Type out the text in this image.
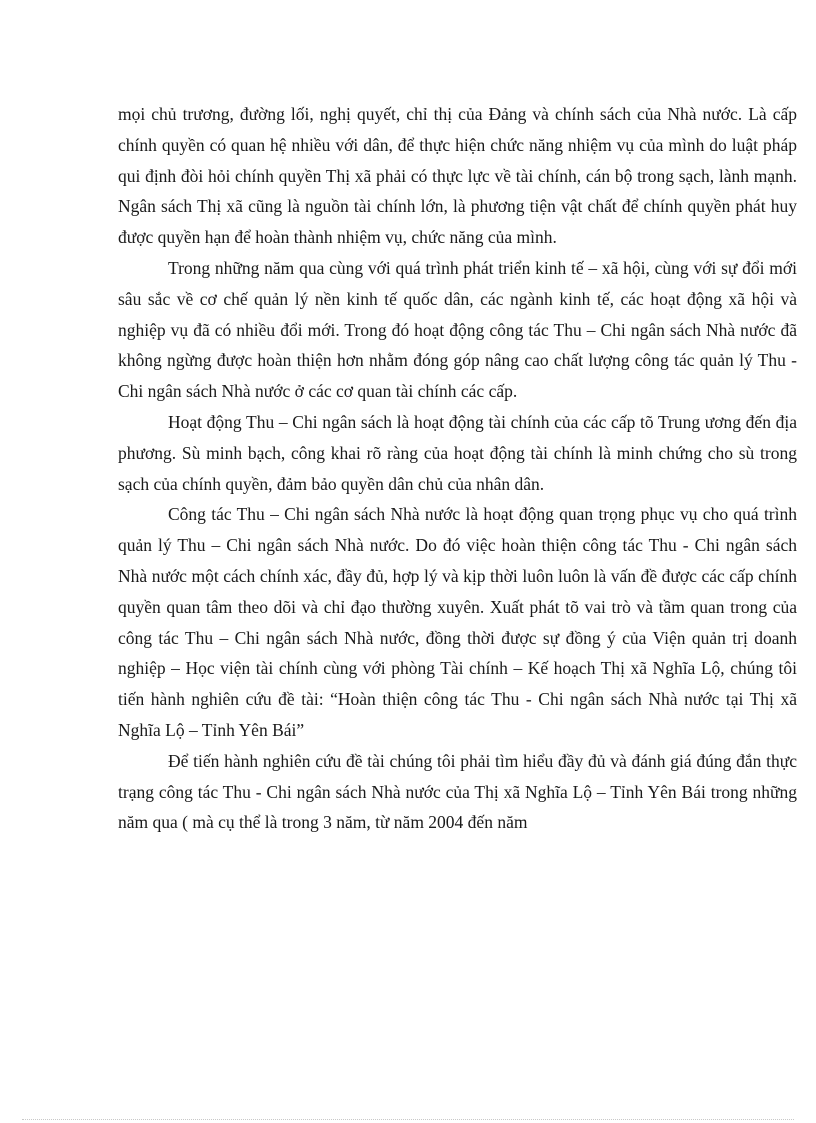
mọi chủ trương, đường lối, nghị quyết, chỉ thị của Đảng và chính sách của Nhà nước. Là cấp chính quyền có quan hệ nhiều với dân, để thực hiện chức năng nhiệm vụ của mình do luật pháp qui định đòi hỏi chính quyền Thị xã phải có thực lực về tài chính, cán bộ trong sạch, lành mạnh. Ngân sách Thị xã cũng là nguồn tài chính lớn, là phương tiện vật chất để chính quyền phát huy được quyền hạn để hoàn thành nhiệm vụ, chức năng của mình.

Trong những năm qua cùng với quá trình phát triển kinh tế – xã hội, cùng với sự đổi mới sâu sắc về cơ chế quản lý nền kinh tế quốc dân, các ngành kinh tế, các hoạt động xã hội và nghiệp vụ đã có nhiều đổi mới. Trong đó hoạt động công tác Thu – Chi ngân sách Nhà nước đã không ngừng được hoàn thiện hơn nhằm đóng góp nâng cao chất lượng công tác quản lý Thu - Chi ngân sách Nhà nước ở các cơ quan tài chính các cấp.

Hoạt động Thu – Chi ngân sách là hoạt động tài chính của các cấp tõ Trung ương đến địa phương. Sù minh bạch, công khai rõ ràng của hoạt động tài chính là minh chứng cho sù trong sạch của chính quyền, đảm bảo quyền dân chủ của nhân dân.

Công tác Thu – Chi ngân sách Nhà nước là hoạt động quan trọng phục vụ cho quá trình quản lý Thu – Chi ngân sách Nhà nước. Do đó việc hoàn thiện công tác Thu - Chi ngân sách Nhà nước một cách chính xác, đầy đủ, hợp lý và kịp thời luôn luôn là vấn đề được các cấp chính quyền quan tâm theo dõi và chỉ đạo thường xuyên. Xuất phát tõ vai trò và tầm quan trong của công tác Thu – Chi ngân sách Nhà nước, đồng thời được sự đồng ý của Viện quản trị doanh nghiệp – Học viện tài chính cùng với phòng Tài chính – Kế hoạch Thị xã Nghĩa Lộ, chúng tôi tiến hành nghiên cứu đề tài: “Hoàn thiện công tác Thu - Chi ngân sách Nhà nước tại Thị xã Nghĩa Lộ – Tỉnh Yên Bái”

Để tiến hành nghiên cứu đề tài chúng tôi phải tìm hiểu đầy đủ và đánh giá đúng đắn thực trạng công tác Thu - Chi ngân sách Nhà nước của Thị xã Nghĩa Lộ – Tỉnh Yên Bái trong những năm qua ( mà cụ thể là trong 3 năm, từ năm 2004 đến năm
